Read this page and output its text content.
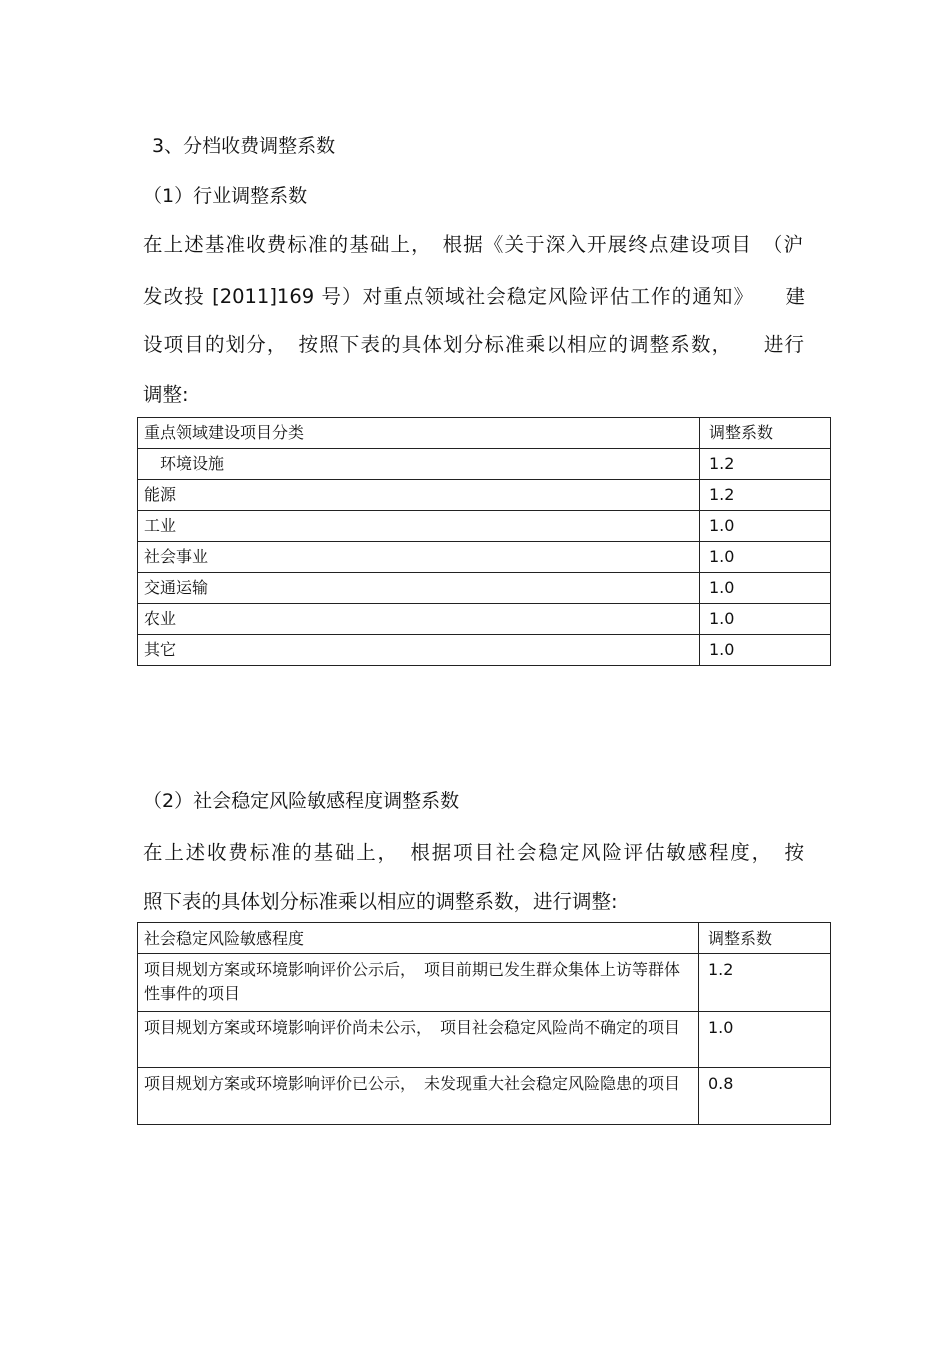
3、分档收费调整系数
（1）行业调整系数
在上述基准收费标准的基础上，　根据《关于深入开展终点建设项目　（沪
发改投 [2011]169 号）对重点领域社会稳定风险评估工作的通知》　　建
设项目的划分，　按照下表的具体划分标准乘以相应的调整系数，　　进行
调整:
重点领域建设项目分类	调整系数
　环境设施	1.2
能源	1.2
工业	1.0
社会事业	1.0
交通运输	1.0
农业	1.0
其它	1.0
（2）社会稳定风险敏感程度调整系数
在上述收费标准的基础上，　根据项目社会稳定风险评估敏感程度，　按
照下表的具体划分标准乘以相应的调整系数，进行调整:
社会稳定风险敏感程度	调整系数
项目规划方案或环境影响评价公示后，　项目前期已发生群众集体上访等群体性事件的项目	1.2
项目规划方案或环境影响评价尚未公示，　项目社会稳定风险尚不确定的项目	1.0
项目规划方案或环境影响评价已公示，　未发现重大社会稳定风险隐患的项目	0.8
